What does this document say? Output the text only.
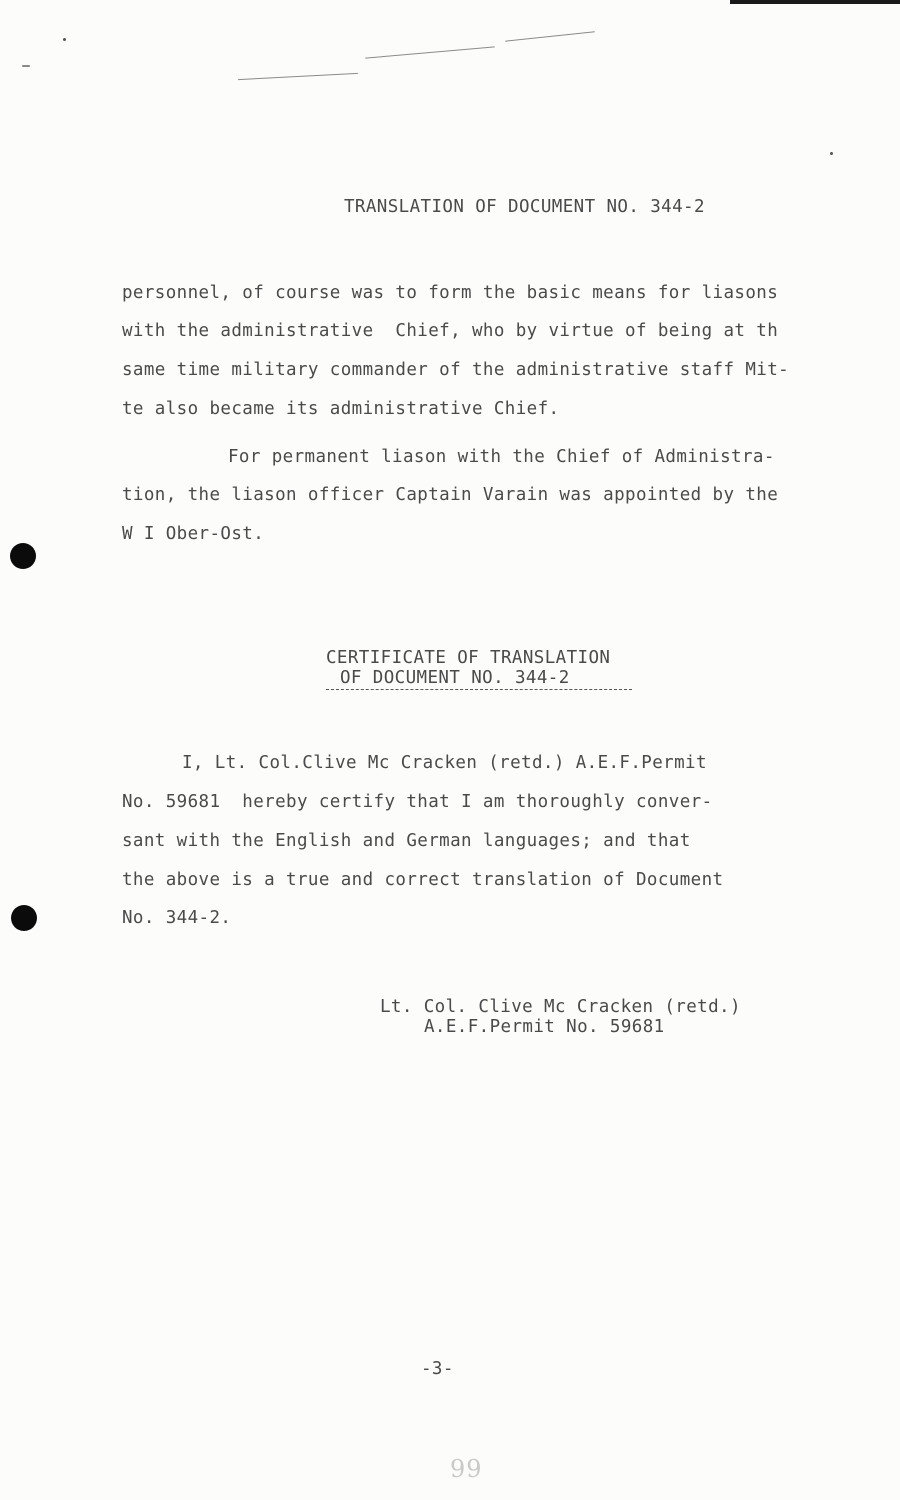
TRANSLATION OF DOCUMENT NO. 344-2
personnel, of course was to form the basic means for liasons
with the administrative  Chief, who by virtue of being at th
same time military commander of the administrative staff Mit-
te also became its administrative Chief.
For permanent liason with the Chief of Administra-
tion, the liason officer Captain Varain was appointed by the
W I Ober-Ost.
CERTIFICATE OF TRANSLATION
OF DOCUMENT NO. 344-2
I, Lt. Col.Clive Mc Cracken (retd.) A.E.F.Permit
No. 59681  hereby certify that I am thoroughly conver-
sant with the English and German languages; and that
the above is a true and correct translation of Document
No. 344-2.
Lt. Col. Clive Mc Cracken (retd.)
A.E.F.Permit No. 59681
-3-
99
